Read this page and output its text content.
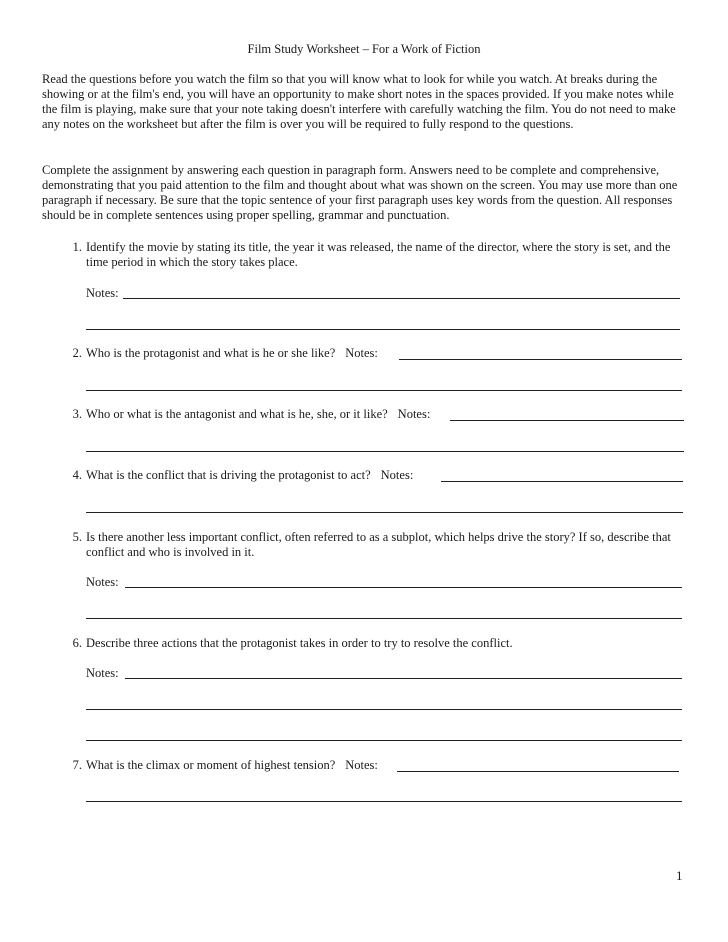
Film Study Worksheet – For a Work of Fiction

Read the questions before you watch the film so that you will know what to look for while you watch. At breaks during the showing or at the film's end, you will have an opportunity to make short notes in the spaces provided. If you make notes while the film is playing, make sure that your note taking doesn't interfere with carefully watching the film. You do not need to make any notes on the worksheet but after the film is over you will be required to fully respond to the questions.

Complete the assignment by answering each question in paragraph form. Answers need to be complete and comprehensive, demonstrating that you paid attention to the film and thought about what was shown on the screen. You may use more than one paragraph if necessary. Be sure that the topic sentence of your first paragraph uses key words from the question. All responses should be in complete sentences using proper spelling, grammar and punctuation.

1. Identify the movie by stating its title, the year it was released, the name of the director, where the story is set, and the time period in which the story takes place.
Notes:
2. Who is the protagonist and what is he or she like? Notes:
3. Who or what is the antagonist and what is he, she, or it like? Notes:
4. What is the conflict that is driving the protagonist to act? Notes:
5. Is there another less important conflict, often referred to as a subplot, which helps drive the story? If so, describe that conflict and who is involved in it.
Notes:
6. Describe three actions that the protagonist takes in order to try to resolve the conflict.
Notes:
7. What is the climax or moment of highest tension? Notes:
1
